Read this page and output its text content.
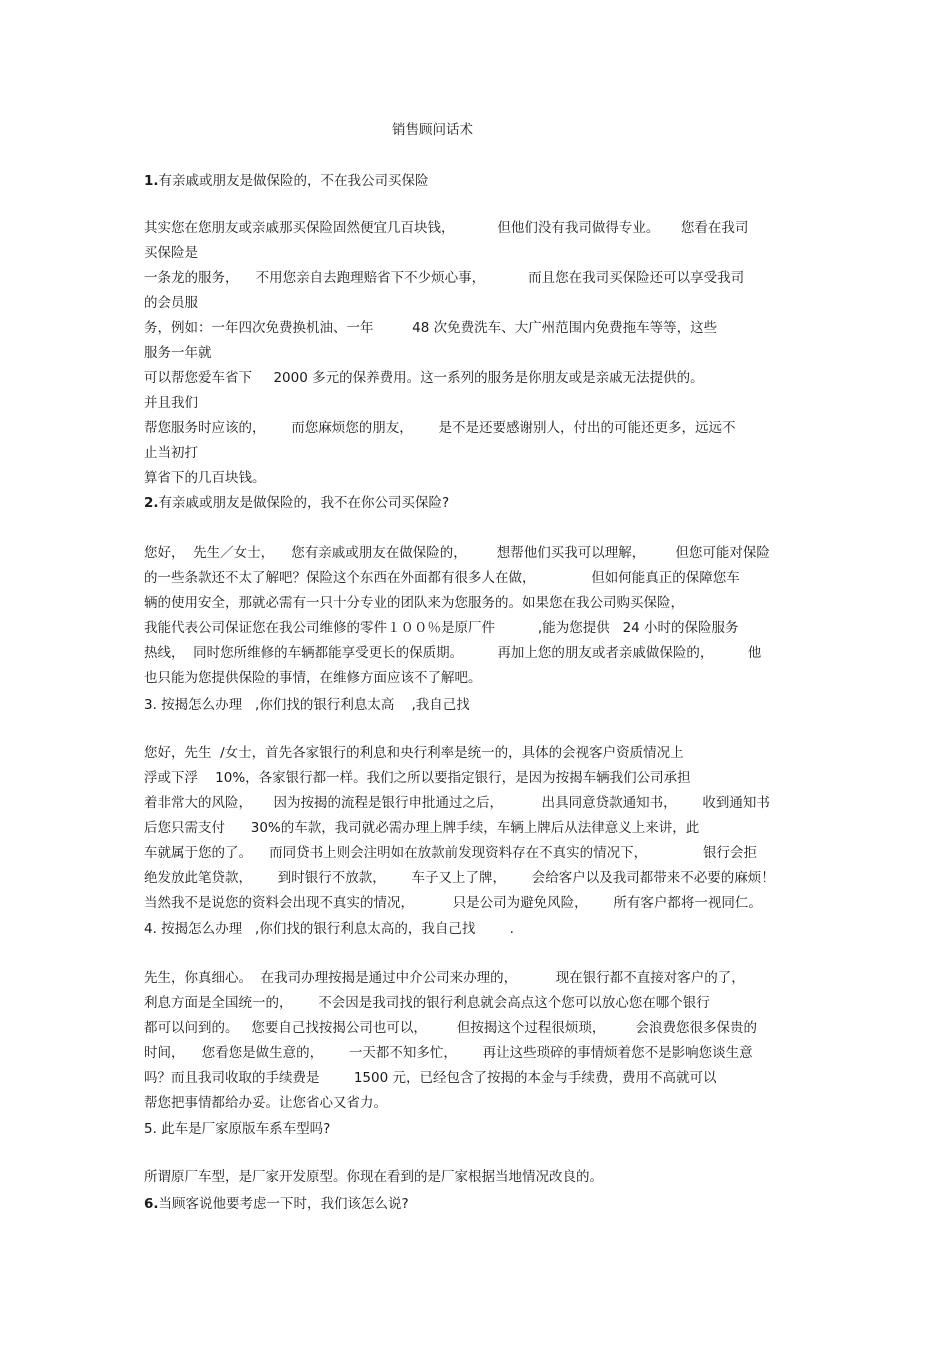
销售顾问话术
1.有亲戚或朋友是做保险的，不在我公司买保险
其实您在您朋友或亲戚那买保险固然便宜几百块钱，          但他们没有我司做得专业。     您看在我司
买保险是
一条龙的服务，    不用您亲自去跑理赔省下不少烦心事，          而且您在我司买保险还可以享受我司
的会员服
务，例如：一年四次免费换机油、一年         48 次免费洗车、大广州范围内免费拖车等等，这些
服务一年就
可以帮您爱车省下     2000 多元的保养费用。这一系列的服务是你朋友或是亲戚无法提供的。
并且我们
帮您服务时应该的，      而您麻烦您的朋友，      是不是还要感谢别人，付出的可能还更多，远远不
止当初打
算省下的几百块钱。
2.有亲戚或朋友是做保险的，我不在你公司买保险?
您好，  先生／女士，    您有亲戚或朋友在做保险的，       想帮他们买我可以理解，       但您可能对保险
的一些条款还不太了解吧？保险这个东西在外面都有很多人在做，             但如何能真正的保障您车
辆的使用安全，那就必需有一只十分专业的团队来为您服务的。如果您在我公司购买保险，
我能代表公司保证您在我公司维修的零件１００％是原厂件          ,能为您提供   24 小时的保险服务
热线，  同时您所维修的车辆都能享受更长的保质期。        再加上您的朋友或者亲戚做保险的，        他
也只能为您提供保险的事情，在维修方面应该不了解吧。
3. 按揭怎么办理   ,你们找的银行利息太高    ,我自己找
您好，先生  /女士，首先各家银行的利息和央行利率是统一的，具体的会视客户资质情况上
浮或下浮    10%，各家银行都一样。我们之所以要指定银行，是因为按揭车辆我们公司承担
着非常大的风险，     因为按揭的流程是银行申批通过之后，         出具同意贷款通知书，      收到通知书
后您只需支付      30%的车款，我司就必需办理上牌手续，车辆上牌后从法律意义上来讲，此
车就属于您的了。    而同贷书上则会注明如在放款前发现资料存在不真实的情况下，             银行会拒
绝发放此笔贷款，      到时银行不放款，      车子又上了牌，      会给客户以及我司都带来不必要的麻烦！
当然我不是说您的资料会出现不真实的情况，         只是公司为避免风险，      所有客户都将一视同仁。
4. 按揭怎么办理   ,你们找的银行利息太高的，我自己找        .
先生，你真细心。  在我司办理按揭是通过中介公司来办理的，         现在银行都不直接对客户的了，
利息方面是全国统一的，      不会因是我司找的银行利息就会高点这个您可以放心您在哪个银行
都可以问到的。   您要自己找按揭公司也可以，       但按揭这个过程很烦琐，       会浪费您很多保贵的
时间，    您看您是做生意的，      一天都不知多忙，      再让这些琐碎的事情烦着您不是影响您谈生意
吗？而且我司收取的手续费是        1500 元，已经包含了按揭的本金与手续费，费用不高就可以
帮您把事情都给办妥。让您省心又省力。
5. 此车是厂家原版车系车型吗?
所谓原厂车型，是厂家开发原型。你现在看到的是厂家根据当地情况改良的。
6.当顾客说他要考虑一下时，我们该怎么说?
